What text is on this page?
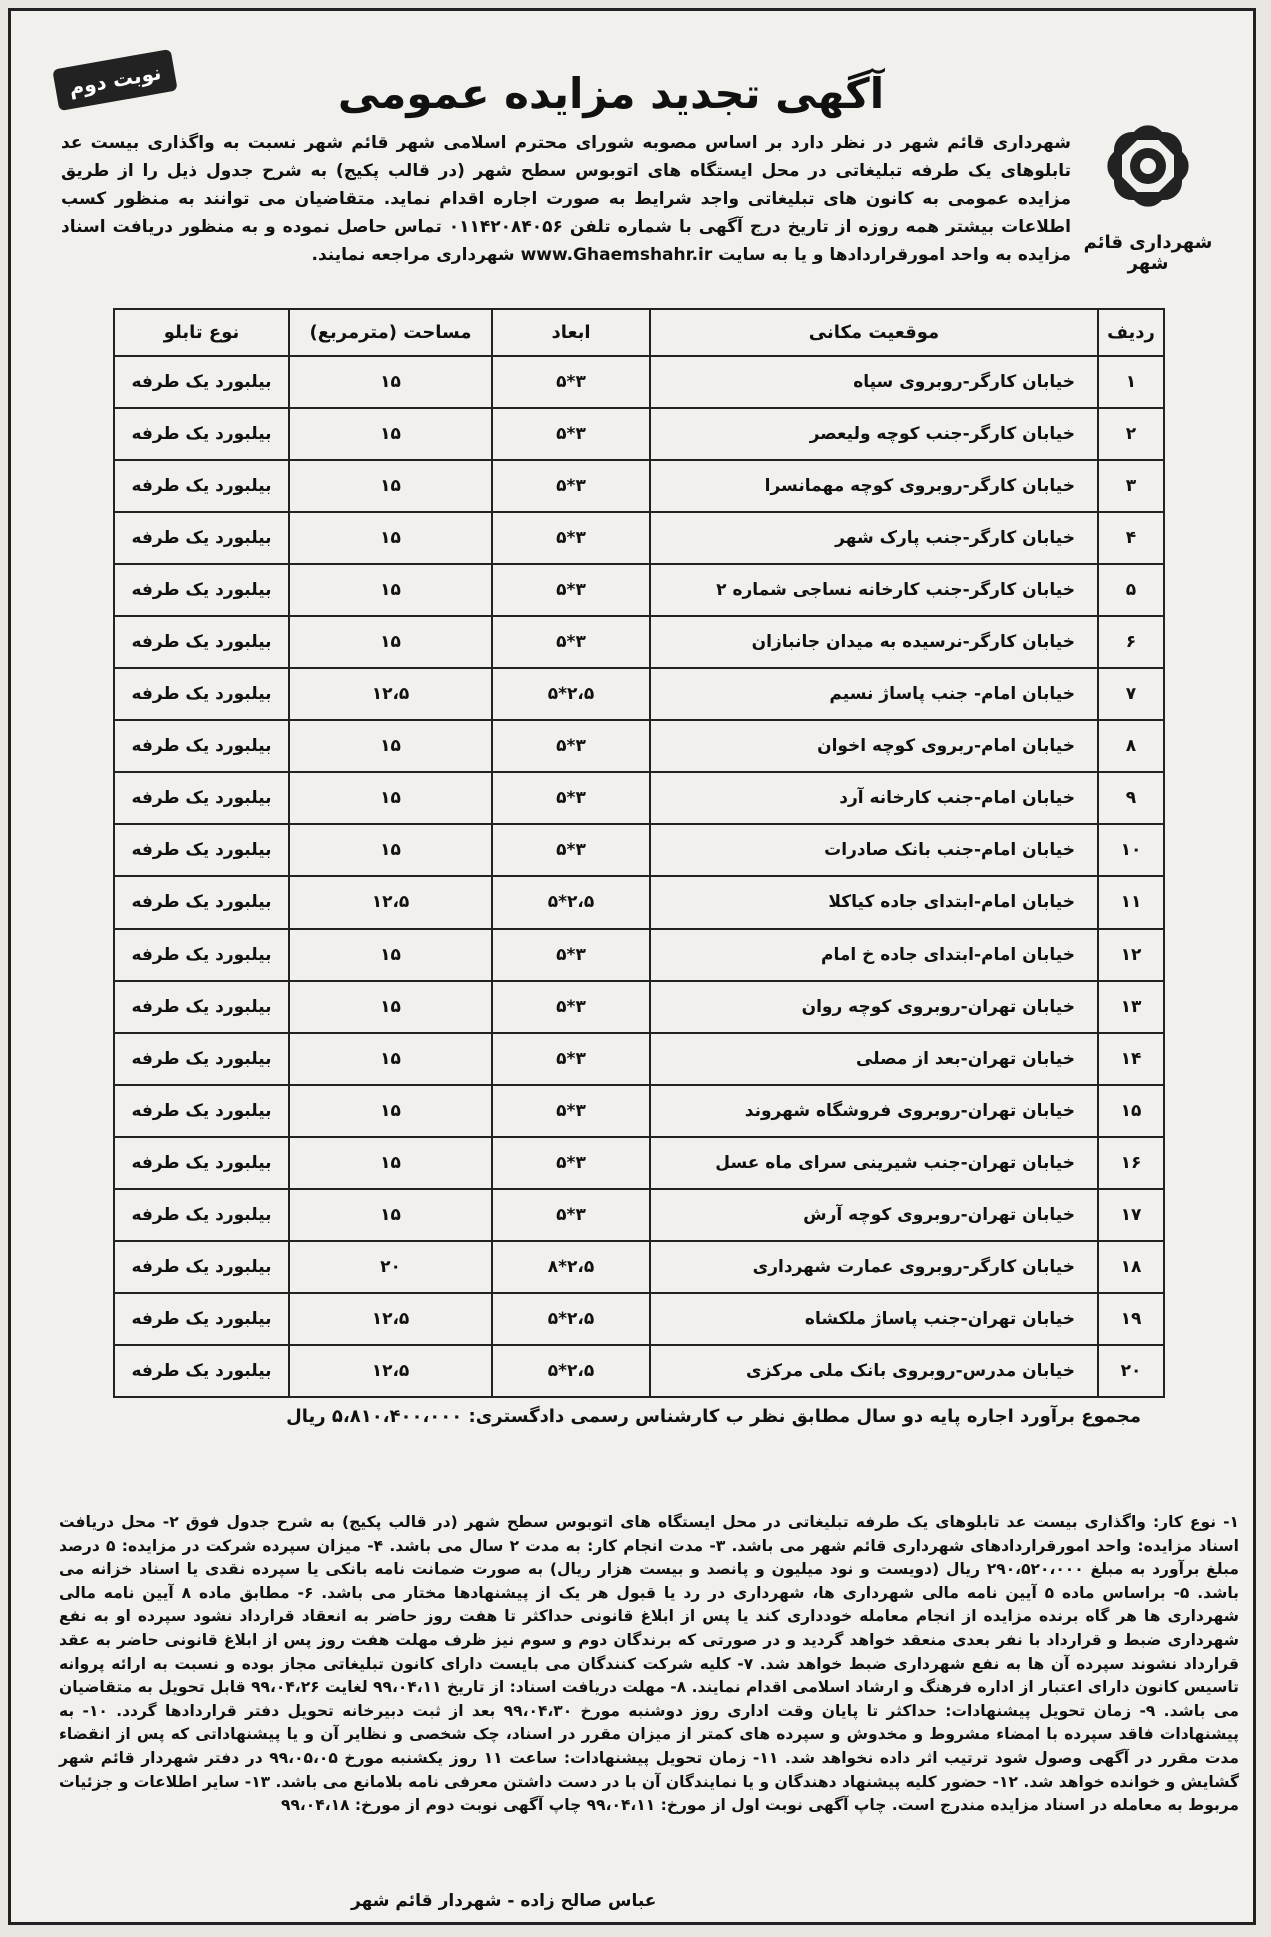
نوبت دوم	آگهی تجدید مزایده عمومی
شهرداری قائم شهر
شهرداری قائم شهر در نظر دارد بر اساس مصوبه شورای محترم اسلامی شهر قائم شهر نسبت به واگذاری بیست عد تابلوهای یک طرفه تبلیغاتی در محل ایستگاه های اتوبوس سطح شهر (در قالب پکیج) به شرح جدول ذیل را از طریق مزایده عمومی به کانون های تبلیغاتی واجد شرایط به صورت اجاره اقدام نماید. متقاضیان می توانند به منظور کسب اطلاعات بیشتر همه روزه از تاریخ درج آگهی با شماره تلفن ۰۱۱۴۲۰۸۴۰۵۶ تماس حاصل نموده و به منظور دریافت اسناد مزایده به واحد امورقراردادها و یا به سایت www.Ghaemshahr.ir شهرداری مراجعه نمایند.
ردیف	موقعیت مکانی	ابعاد	مساحت (مترمربع)	نوع تابلو
۱	خیابان کارگر-روبروی سپاه	۳*۵	۱۵	بیلبورد یک طرفه
۲	خیابان کارگر-جنب کوچه ولیعصر	۳*۵	۱۵	بیلبورد یک طرفه
۳	خیابان کارگر-روبروی کوچه مهمانسرا	۳*۵	۱۵	بیلبورد یک طرفه
۴	خیابان کارگر-جنب پارک شهر	۳*۵	۱۵	بیلبورد یک طرفه
۵	خیابان کارگر-جنب کارخانه نساجی شماره ۲	۳*۵	۱۵	بیلبورد یک طرفه
۶	خیابان کارگر-نرسیده به میدان جانبازان	۳*۵	۱۵	بیلبورد یک طرفه
۷	خیابان امام- جنب پاساژ نسیم	۲،۵*۵	۱۲،۵	بیلبورد یک طرفه
۸	خیابان امام-ربروی کوچه اخوان	۳*۵	۱۵	بیلبورد یک طرفه
۹	خیابان امام-جنب کارخانه آرد	۳*۵	۱۵	بیلبورد یک طرفه
۱۰	خیابان امام-جنب بانک صادرات	۳*۵	۱۵	بیلبورد یک طرفه
۱۱	خیابان امام-ابتدای جاده کیاکلا	۲،۵*۵	۱۲،۵	بیلبورد یک طرفه
۱۲	خیابان امام-ابتدای جاده خ امام	۳*۵	۱۵	بیلبورد یک طرفه
۱۳	خیابان تهران-روبروی کوچه روان	۳*۵	۱۵	بیلبورد یک طرفه
۱۴	خیابان تهران-بعد از مصلی	۳*۵	۱۵	بیلبورد یک طرفه
۱۵	خیابان تهران-روبروی فروشگاه شهروند	۳*۵	۱۵	بیلبورد یک طرفه
۱۶	خیابان تهران-جنب شیرینی سرای ماه عسل	۳*۵	۱۵	بیلبورد یک طرفه
۱۷	خیابان تهران-روبروی کوچه آرش	۳*۵	۱۵	بیلبورد یک طرفه
۱۸	خیابان کارگر-روبروی عمارت شهرداری	۲،۵*۸	۲۰	بیلبورد یک طرفه
۱۹	خیابان تهران-جنب پاساژ ملکشاه	۲،۵*۵	۱۲،۵	بیلبورد یک طرفه
۲۰	خیابان مدرس-روبروی بانک ملی مرکزی	۲،۵*۵	۱۲،۵	بیلبورد یک طرفه
مجموع برآورد اجاره پایه دو سال مطابق نظر ب کارشناس رسمی دادگستری: ۵،۸۱۰،۴۰۰،۰۰۰ ریال
۱- نوع کار: واگذاری بیست عد تابلوهای یک طرفه تبلیغاتی در محل ایستگاه های اتوبوس سطح شهر (در قالب پکیج) به شرح جدول فوق ۲- محل دریافت اسناد مزایده: واحد امورقراردادهای شهرداری قائم شهر می باشد. ۳- مدت انجام کار: به مدت ۲ سال می باشد. ۴- میزان سپرده شرکت در مزایده: ۵ درصد مبلغ برآورد به مبلغ ۲۹۰،۵۲۰،۰۰۰ ریال (دویست و نود میلیون و پانصد و بیست هزار ریال) به صورت ضمانت نامه بانکی یا سپرده نقدی یا اسناد خزانه می باشد. ۵- براساس ماده ۵ آیین نامه مالی شهرداری ها، شهرداری در رد یا قبول هر یک از پیشنهادها مختار می باشد. ۶- مطابق ماده ۸ آیین نامه مالی شهرداری ها هر گاه برنده مزایده از انجام معامله خودداری کند یا پس از ابلاغ قانونی حداکثر تا هفت روز حاضر به انعقاد قرارداد نشود سپرده او به نفع شهرداری ضبط و قرارداد با نفر بعدی منعقد خواهد گردید و در صورتی که برندگان دوم و سوم نیز ظرف مهلت هفت روز پس از ابلاغ قانونی حاضر به عقد قرارداد نشوند سپرده آن ها به نفع شهرداری ضبط خواهد شد. ۷- کلیه شرکت کنندگان می بایست دارای کانون تبلیغاتی مجاز بوده و نسبت به ارائه پروانه تاسیس کانون دارای اعتبار از اداره فرهنگ و ارشاد اسلامی اقدام نمایند. ۸- مهلت دریافت اسناد: از تاریخ ۹۹،۰۴،۱۱ لغایت ۹۹،۰۴،۲۶ قابل تحویل به متقاضیان می باشد. ۹- زمان تحویل پیشنهادات: حداکثر تا پایان وقت اداری روز دوشنبه مورخ ۹۹،۰۴،۳۰ بعد از ثبت دبیرخانه تحویل دفتر قراردادها گردد. ۱۰- به پیشنهادات فاقد سپرده با امضاء مشروط و مخدوش و سپرده های کمتر از میزان مقرر در اسناد، چک شخصی و نظایر آن و یا پیشنهاداتی که پس از انقضاء مدت مقرر در آگهی وصول شود ترتیب اثر داده نخواهد شد. ۱۱- زمان تحویل پیشنهادات: ساعت ۱۱ روز یکشنبه مورخ ۹۹،۰۵،۰۵ در دفتر شهردار قائم شهر گشایش و خوانده خواهد شد. ۱۲- حضور کلیه پیشنهاد دهندگان و یا نمایندگان آن با در دست داشتن معرفی نامه بلامانع می باشد. ۱۳- سایر اطلاعات و جزئیات مربوط به معامله در اسناد مزایده مندرج است. چاپ آگهی نوبت اول از مورخ: ۹۹،۰۴،۱۱ چاپ آگهی نوبت دوم از مورخ: ۹۹،۰۴،۱۸
عباس صالح زاده - شهردار قائم شهر
